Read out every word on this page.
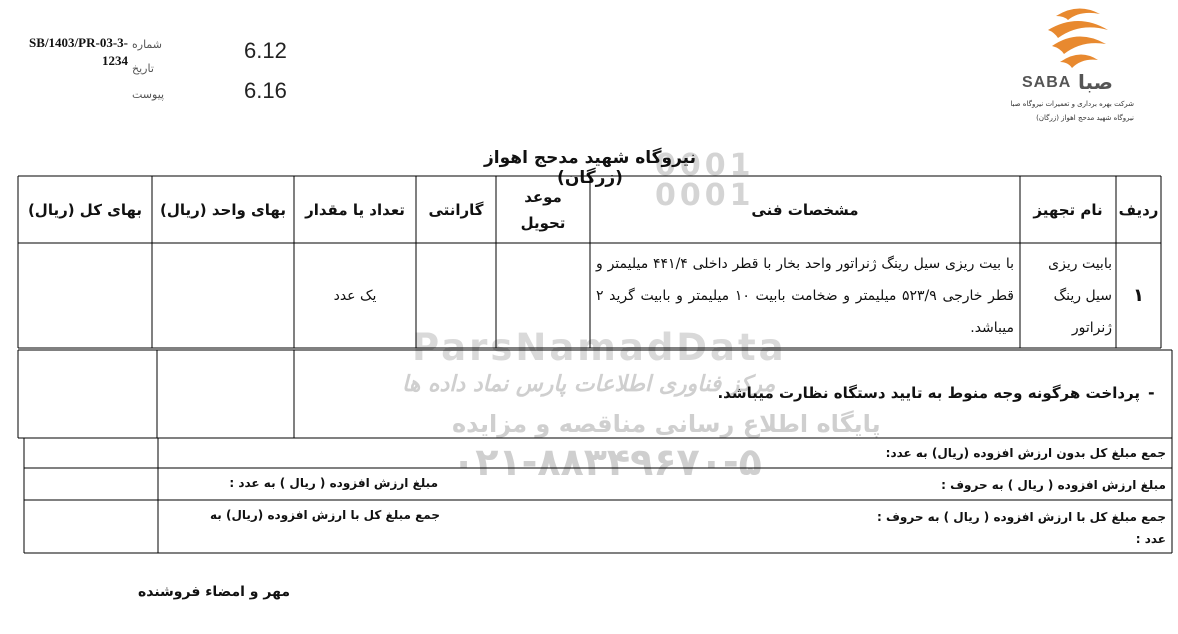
0001
0001
ParsNamadData
مرکز فناوری اطلاعات پارس نماد داده ها
پایگاه اطلاع رسانی مناقصه و مزایده
۰۲۱-۸۸۳۴۹۶۷۰-۵
SB/1403/PR-03-3-1234
شماره
تاریخ
پیوست
6.12
6.16	SABA صبا
شرکت بهره برداری و تعمیرات نیروگاه صبا
نیروگاه شهید مدحج اهواز (زرگان)
نیروگاه شهید مدحج اهواز (زرگان)
ردیف
نام تجهیز
مشخصات فنی
موعد تحویل
گارانتی
تعداد یا مقدار
بهای واحد (ریال)
بهای کل (ریال)
۱
بابیت ریزی سیل رینگ ژنراتور
با بیت ریزی سیل رینگ ژنراتور واحد بخار با قطر داخلی ۴۴۱/۴ میلیمتر و قطر خارجی ۵۲۳/۹ میلیمتر و ضخامت بابیت ۱۰ میلیمتر و بابیت گرید ۲ میباشد.
یک عدد
-
پرداخت هرگونه وجه منوط به تایید دستگاه نظارت میباشد.
جمع مبلغ کل بدون ارزش افزوده (ریال) به عدد:
مبلغ ارزش افزوده ( ریال ) به حروف :
مبلغ ارزش افزوده ( ریال ) به عدد :
جمع مبلغ کل با ارزش افزوده ( ریال ) به حروف :
جمع مبلغ کل با ارزش افزوده (ریال) به
عدد :
مهر و امضاء فروشنده
